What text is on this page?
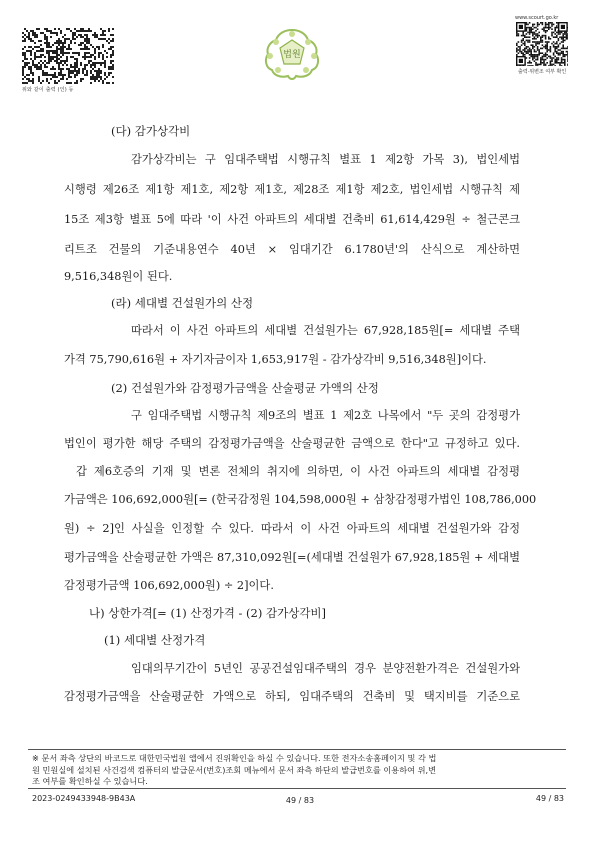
위와 같이 출력 (인) 등
법원
www.scourt.go.kr
출력·위변조 여부 확인
(다) 감가상각비
감가상각비는 구 임대주택법 시행규칙 별표 1 제2항 가목 3), 법인세법
시행령 제26조 제1항 제1호, 제2항 제1호, 제28조 제1항 제2호, 법인세법 시행규칙 제
15조 제3항 별표 5에 따라 '이 사건 아파트의 세대별 건축비 61,614,429원 ÷ 철근콘크
리트조 건물의 기준내용연수 40년 × 임대기간 6.1780년'의 산식으로 계산하면
9,516,348원이 된다.
(라) 세대별 건설원가의 산정
따라서 이 사건 아파트의 세대별 건설원가는 67,928,185원[= 세대별 주택
가격 75,790,616원 + 자기자금이자 1,653,917원 - 감가상각비 9,516,348원]이다.
(2) 건설원가와 감정평가금액을 산술평균 가액의 산정
구 임대주택법 시행규칙 제9조의 별표 1 제2호 나목에서 "두 곳의 감정평가
법인이 평가한 해당 주택의 감정평가금액을 산술평균한 금액으로 한다"고 규정하고 있다.
갑 제6호증의 기재 및 변론 전체의 취지에 의하면, 이 사건 아파트의 세대별 감정평
가금액은 106,692,000원[= (한국감정원 104,598,000원 + 삼창감정평가법인 108,786,000
원) ÷ 2]인 사실을 인정할 수 있다. 따라서 이 사건 아파트의 세대별 건설원가와 감정
평가금액을 산술평균한 가액은 87,310,092원[=(세대별 건설원가 67,928,185원 + 세대별
감정평가금액 106,692,000원) ÷ 2]이다.
나) 상한가격[= (1) 산정가격 - (2) 감가상각비]
(1) 세대별 산정가격
임대의무기간이 5년인 공공건설임대주택의 경우 분양전환가격은 건설원가와
감정평가금액을 산술평균한 가액으로 하되, 임대주택의 건축비 및 택지비를 기준으로
※ 문서 좌측 상단의 바코드로 대한민국법원 앱에서 진위확인을 하실 수 있습니다. 또한 전자소송홈페이지 및 각 법
원 민원실에 설치된 사건검색 컴퓨터의 발급문서(번호)조회 메뉴에서 문서 좌측 하단의 발급번호를 이용하여 위,변
조 여부를 확인하실 수 있습니다.
2023-0249433948-9B43A	49 / 83	49 / 83
